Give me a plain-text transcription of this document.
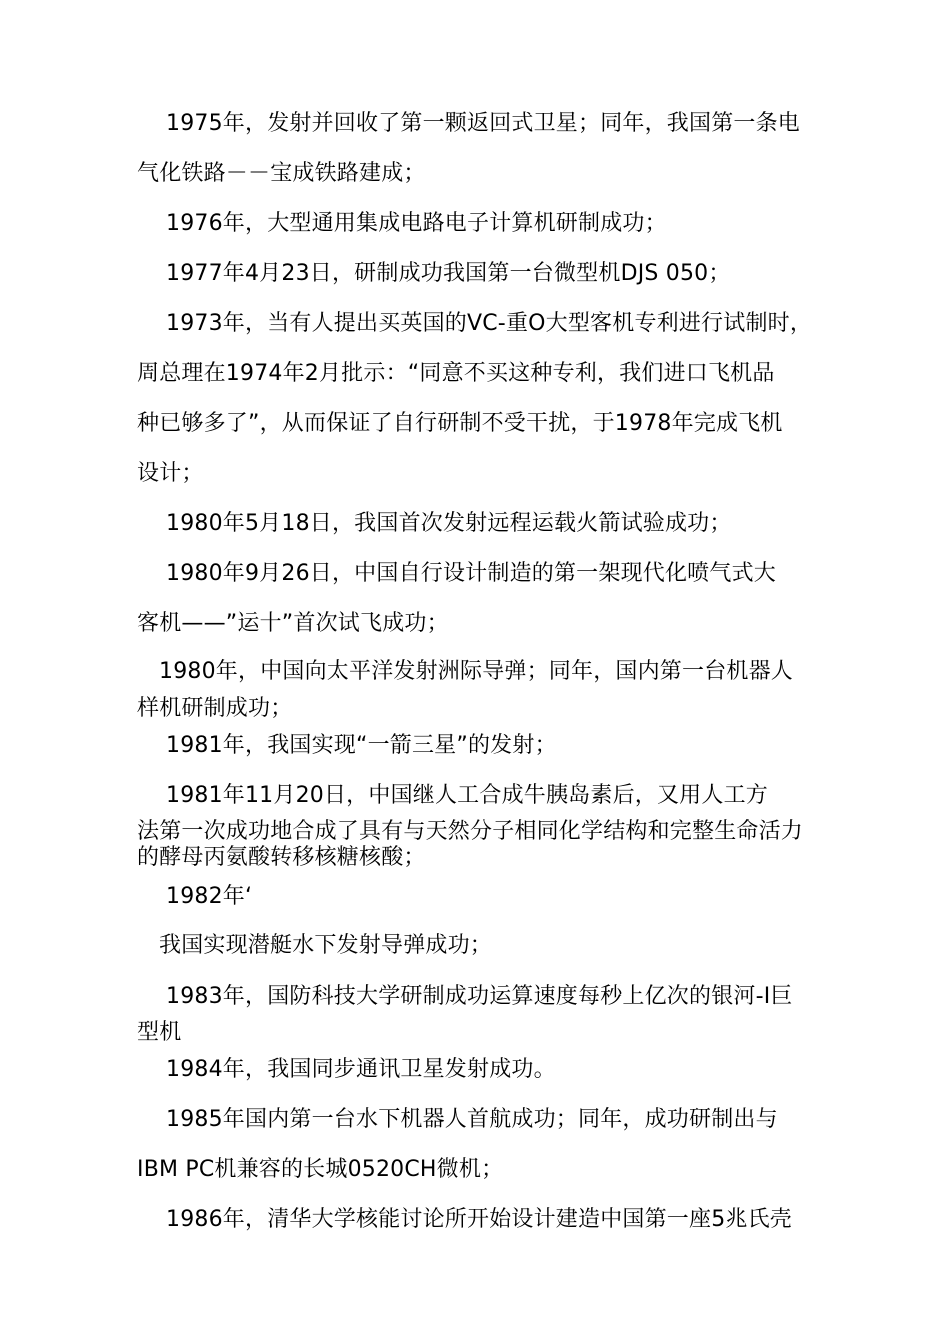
1975年，发射并回收了第一颗返回式卫星；同年，我国第一条电
气化铁路－－宝成铁路建成；
1976年，大型通用集成电路电子计算机研制成功；
1977年4月23日，研制成功我国第一台微型机DJS 050；
1973年，当有人提出买英国的VC-重O大型客机专利进行试制时，
周总理在1974年2月批示：“同意不买这种专利，我们进口飞机品
种已够多了”，从而保证了自行研制不受干扰，于1978年完成飞机
设计；
1980年5月18日，我国首次发射远程运载火箭试验成功；
1980年9月26日，中国自行设计制造的第一架现代化喷气式大
客机——”运十”首次试飞成功；
1980年，中国向太平洋发射洲际导弹；同年，国内第一台机器人
样机研制成功；
1981年，我国实现“一箭三星”的发射；
1981年11月20日，中国继人工合成牛胰岛素后，又用人工方
法第一次成功地合成了具有与天然分子相同化学结构和完整生命活力
的酵母丙氨酸转移核糖核酸；
1982年‘
我国实现潜艇水下发射导弹成功；
1983年，国防科技大学研制成功运算速度每秒上亿次的银河-I巨
型机
1984年，我国同步通讯卫星发射成功。
1985年国内第一台水下机器人首航成功；同年，成功研制出与
IBM PC机兼容的长城0520CH微机；
1986年，清华大学核能讨论所开始设计建造中国第一座5兆氏壳
